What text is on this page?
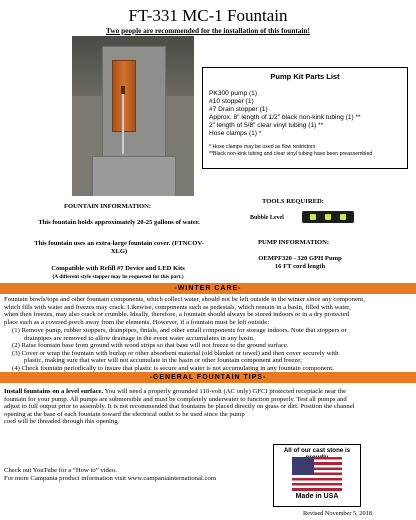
FT-331 MC-1 Fountain
Two people are recommended for the installation of this fountain!
Pump Kit Parts List
PK300 pump (1)
#10 stopper (1)
#7 Drain stopper (1)
Approx. 8" length of 1/2" black non-kink tubing (1) **
2" length of 5/8" clear vinyl tubing (1) **
Hose clamps (1) *
* Hose clamps may be used as flow restrictors
**Black non-kink tubing and clear vinyl tubing have been preassembled
FOUNTAIN INFORMATION:
This fountain holds approximately 20-25 gallons of water.
This fountain uses an extra-large fountain cover. (FTNCOV-XLG)
Compatible with Refill #7 Device and LED Kits
(A different style stopper may be requested for this part.)
TOOLS REQUIRED:
Bubble Level
PUMP INFORMATION:
OEMPF320 - 320 GPH Pump
16 FT cord length
-WINTER CARE-
Fountain bowls/tops and other fountain components, which collect water, should not be left outside in the winter since any component,
which fills with water and freezes may crack. Likewise, components such as pedestals, which remain in a basin, filled with water,
when then freezes, may also crack or crumble. Ideally, therefore, a fountain should always be stored indoors or in a dry protected
place such as a covered porch away from the elements. However, if a fountain must be left outside:
(1) Remove pump, rubber stoppers, drainpipes, finials, and other small components for storage indoors. Note that stoppers or
drainpipes are removed to allow drainage in the event water accumulates in any basin.
(2) Raise fountain base from ground with wood strips so that base will not freeze to the ground surface.
(3) Cover or wrap the fountain with burlap or other absorbent material (old blanket or towel) and then cover securely with
plastic, making sure that water will not accumulate in the basin or other fountain component and freeze;
(4) Check fountain periodically to insure that plastic is secure and water is not accumulating in any fountain component.
-GENERAL FOUNTAIN TIPS-
Install fountains on a level surface. You will need a properly grounded 110-volt (AC only) GFCI protected receptacle near the
fountain for your pump. All pumps are submersible and must be completely underwater to function properly. Test all pumps and
adjust to full output prior to assembly. It is not recommended that fountains be placed directly on grass or dirt. Position the channel
opening at the base of each fountain toward the electrical outlet to be used since the pump
cord will be threaded through this opening.
Check out YouTube for a “How to” video.
For more Campania product information visit www.campaniainternational.com
All of our cast stone is
Made in USA
Revised November 5, 2018
